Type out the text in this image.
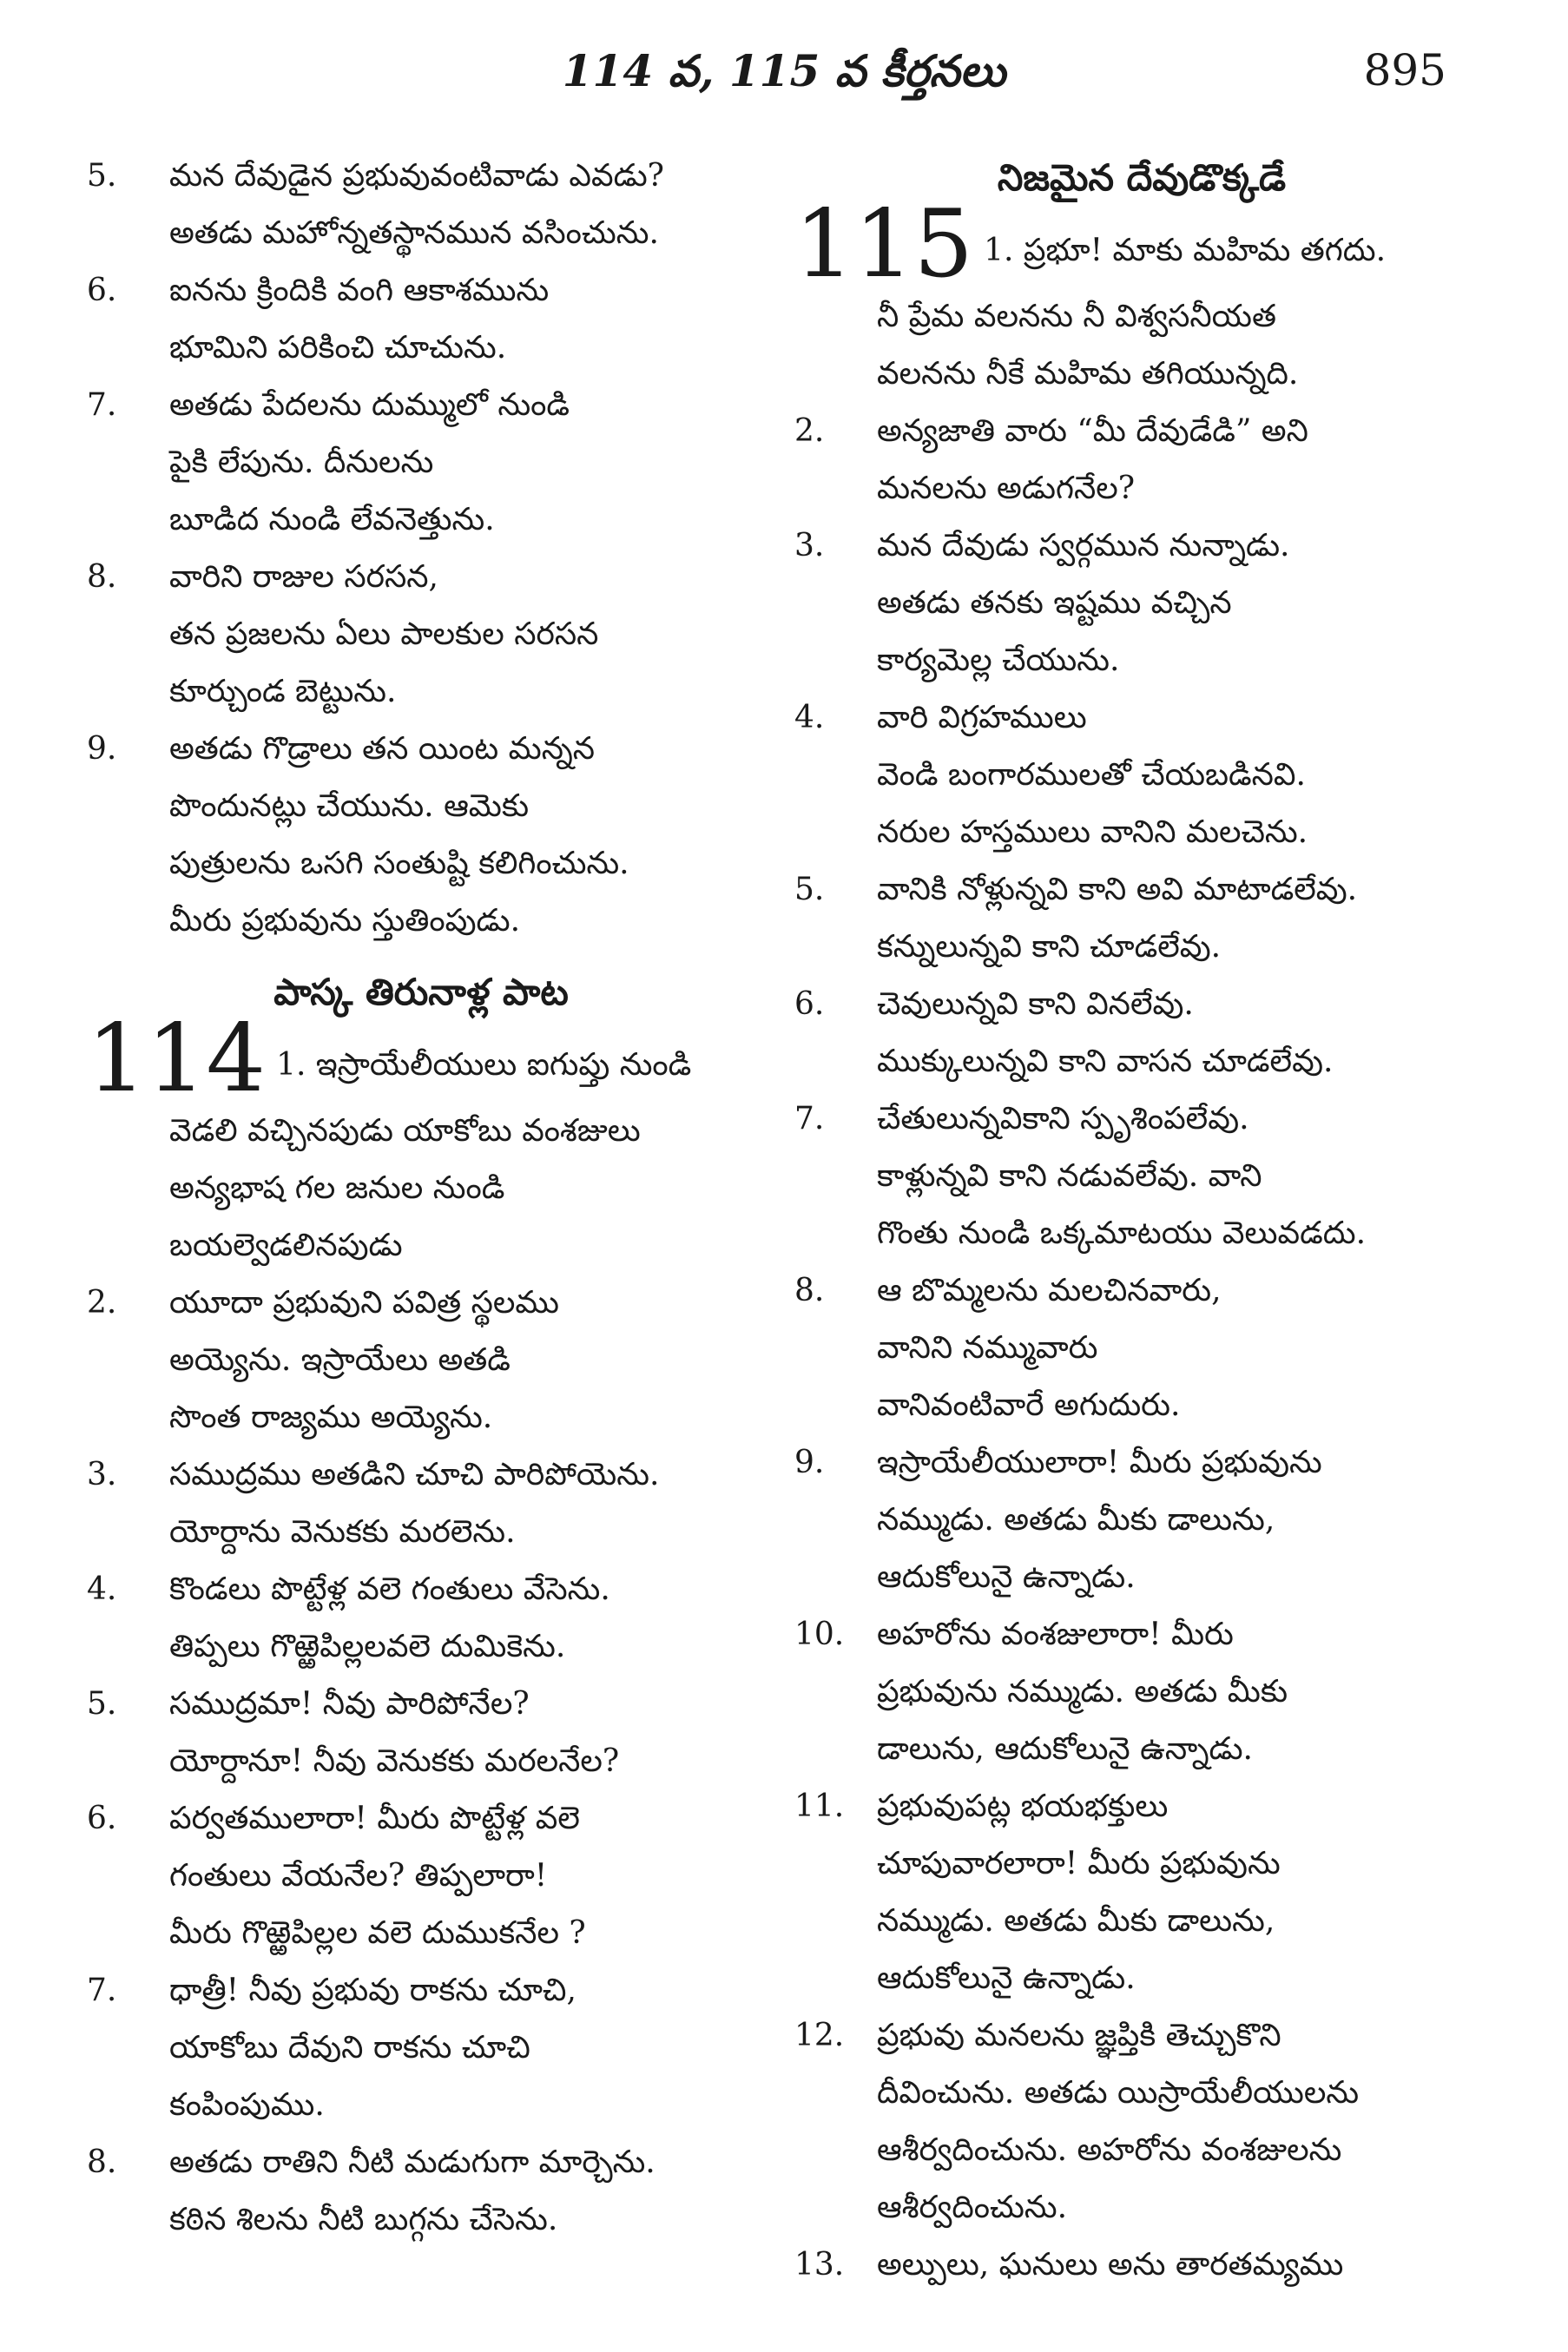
114 వ, 115 వ కీర్తనలు	895
5.	మన దేవుడైన ప్రభువువంటివాడు ఎవడు?
అతడు మహోన్నతస్థానమున వసించును.
6.	ఐనను క్రిందికి వంగి ఆకాశమును
భూమిని పరికించి చూచును.
7.	అతడు పేదలను దుమ్ములో నుండి
పైకి లేపును. దీనులను
బూడిద నుండి లేవనెత్తును.
8.	వారిని రాజుల సరసన,
తన ప్రజలను ఏలు పాలకుల సరసన
కూర్చుండ బెట్టును.
9.	అతడు గొడ్రాలు తన యింట మన్నన
పొందునట్లు చేయును. ఆమెకు
పుత్రులను ఒసగి సంతుష్టి కలిగించును.
మీరు ప్రభువును స్తుతింపుడు.
పాస్క తిరునాళ్ల పాట
114 1. ఇస్రాయేలీయులు ఐగుప్తు నుండి
వెడలి వచ్చినపుడు యాకోబు వంశజులు
అన్యభాష గల జనుల నుండి
బయల్వెడలినపుడు
2.	యూదా ప్రభువుని పవిత్ర స్థలము
అయ్యెను. ఇస్రాయేలు అతడి
సొంత రాజ్యము అయ్యెను.
3.	సముద్రము అతడిని చూచి పారిపోయెను.
యోర్దాను వెనుకకు మరలెను.
4.	కొండలు పొట్టేళ్ల వలె గంతులు వేసెను.
తిప్పలు గొఱ్ఱెపిల్లలవలె దుమికెను.
5.	సముద్రమా! నీవు పారిపోనేల?
యోర్దానూ! నీవు వెనుకకు మరలనేల?
6.	పర్వతములారా! మీరు పొట్టేళ్ల వలె
గంతులు వేయనేల? తిప్పలారా!
మీరు గొఱ్ఱెపిల్లల వలె దుముకనేల ?
7.	ధాత్రీ! నీవు ప్రభువు రాకను చూచి,
యాకోబు దేవుని రాకను చూచి
కంపింపుము.
8.	అతడు రాతిని నీటి మడుగుగా మార్చెను.
కఠిన శిలను నీటి బుగ్గను చేసెను.
నిజమైన దేవుడొక్కడే
115 1. ప్రభూ! మాకు మహిమ తగదు.
నీ ప్రేమ వలనను నీ విశ్వసనీయత
వలనను నీకే మహిమ తగియున్నది.
2.	అన్యజాతి వారు “మీ దేవుడేడి” అని
మనలను అడుగనేల?
3.	మన దేవుడు స్వర్గమున నున్నాడు.
అతడు తనకు ఇష్టము వచ్చిన
కార్యమెల్ల చేయును.
4.	వారి విగ్రహములు
వెండి బంగారములతో చేయబడినవి.
నరుల హస్తములు వానిని మలచెను.
5.	వానికి నోళ్లున్నవి కాని అవి మాటాడలేవు.
కన్నులున్నవి కాని చూడలేవు.
6.	చెవులున్నవి కాని వినలేవు.
ముక్కులున్నవి కాని వాసన చూడలేవు.
7.	చేతులున్నవికాని స్పృశింపలేవు.
కాళ్లున్నవి కాని నడువలేవు. వాని
గొంతు నుండి ఒక్కమాటయు వెలువడదు.
8.	ఆ బొమ్మలను మలచినవారు,
వానిని నమ్మువారు
వానివంటివారే అగుదురు.
9.	ఇస్రాయేలీయులారా! మీరు ప్రభువును
నమ్ముడు. అతడు మీకు డాలును,
ఆదుకోలునై ఉన్నాడు.
10.	అహరోను వంశజులారా! మీరు
ప్రభువును నమ్ముడు. అతడు మీకు
డాలును, ఆదుకోలునై ఉన్నాడు.
11.	ప్రభువుపట్ల భయభక్తులు
చూపువారలారా! మీరు ప్రభువును
నమ్ముడు. అతడు మీకు డాలును,
ఆదుకోలునై ఉన్నాడు.
12.	ప్రభువు మనలను జ్ఞప్తికి తెచ్చుకొని
దీవించును. అతడు యిస్రాయేలీయులను
ఆశీర్వదించును. అహరోను వంశజులను
ఆశీర్వదించును.
13.	అల్పులు, ఘనులు అను తారతమ్యము
